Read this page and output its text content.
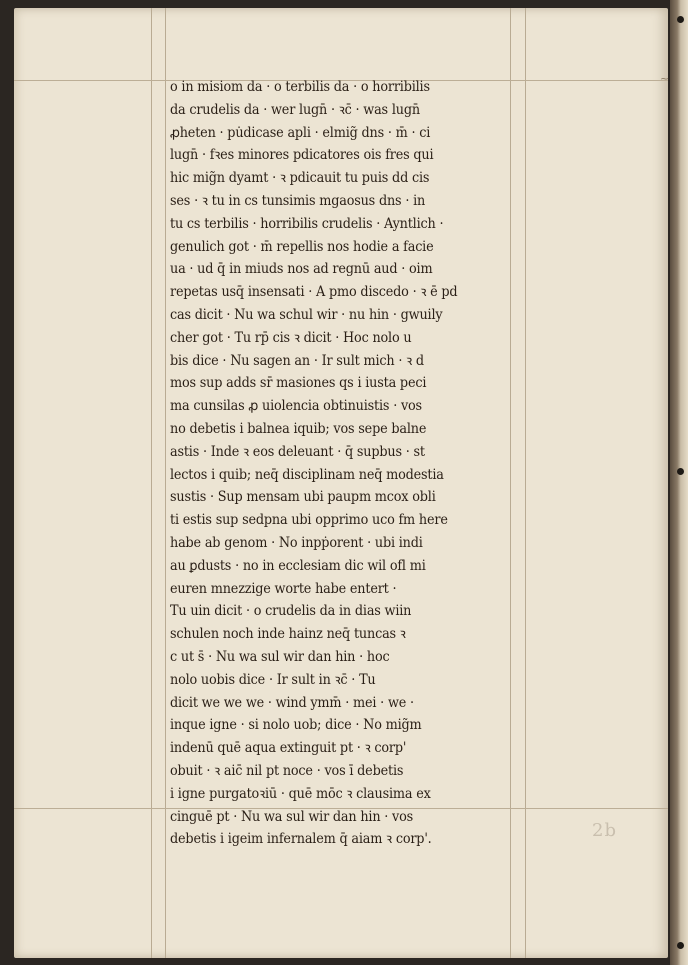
~
2b
o in misiom da · o terbilis da · o horribilis
da crudelis da · wer lugn̄ · ꝛc̄ · was lugn̄
ꝓheten · pu̇dicase apli · elmig̃ dns · m̄ · ci
lugn̄ · fꝛes minores pdicatores ois fres qui
hic mig̃n dyamt · ꝛ pdicauit tu puis dd cis
ses · ꝛ tu in cs tunsimis mgaosus dns · in
tu cs terbilis · horribilis crudelis · Ayntlich ·
genulich got · m̄ repellis nos hodie a facie
ua · ud q̄ in miuds nos ad regnū aud · oim
repetas usq̄ insensati · A pmo discedo · ꝛ ē pd
cas dicit · Nu wa schul wir · nu hin · gwuily
cher got · Tu rp̄ cis ꝛ dicit · Hoc nolo u
bis dice · Nu sagen an · Ir sult mich · ꝛ d
mos sup adds sr̄ masiones qs i iusta peci
ma cunsilas ꝓ uiolencia obtinuistis · vos
no debetis i balnea iquib; vos sepe balne
astis · Inde ꝛ eos deleuant · q̄ supbus · st
lectos i quib; neq̄ disciplinam neq̄ modestia
sustis · Sup mensam ubi paupm mcox obli
ti estis sup sedpna ubi opprimo uco fm here
habe ab genom · No inpṗorent · ubi indi
au ꝑdusts · no in ecclesiam dic wil ofl mi
euren mnezzige worte habe entert ·
Tu uin dicit · o crudelis da in dias wiin
schulen noch inde hainz neq̄ tuncas ꝛ
c ut s̄ · Nu wa sul wir dan hin · hoc
nolo uobis dice · Ir sult in ꝛc̄ · Tu
dicit we we we · wind ymm̄ · mei · we ·
inque igne · si nolo uob; dice · No mig̃m
indenū quē aqua extinguit pt · ꝛ corp'
obuit · ꝛ aic̄ nil pt noce · vos ī debetis
i igne purgatoꝛiū · quē mōc ꝛ clausima ex
cinguē pt · Nu wa sul wir dan hin · vos
debetis i igeim infernalem q̄ aiam ꝛ corp'.
